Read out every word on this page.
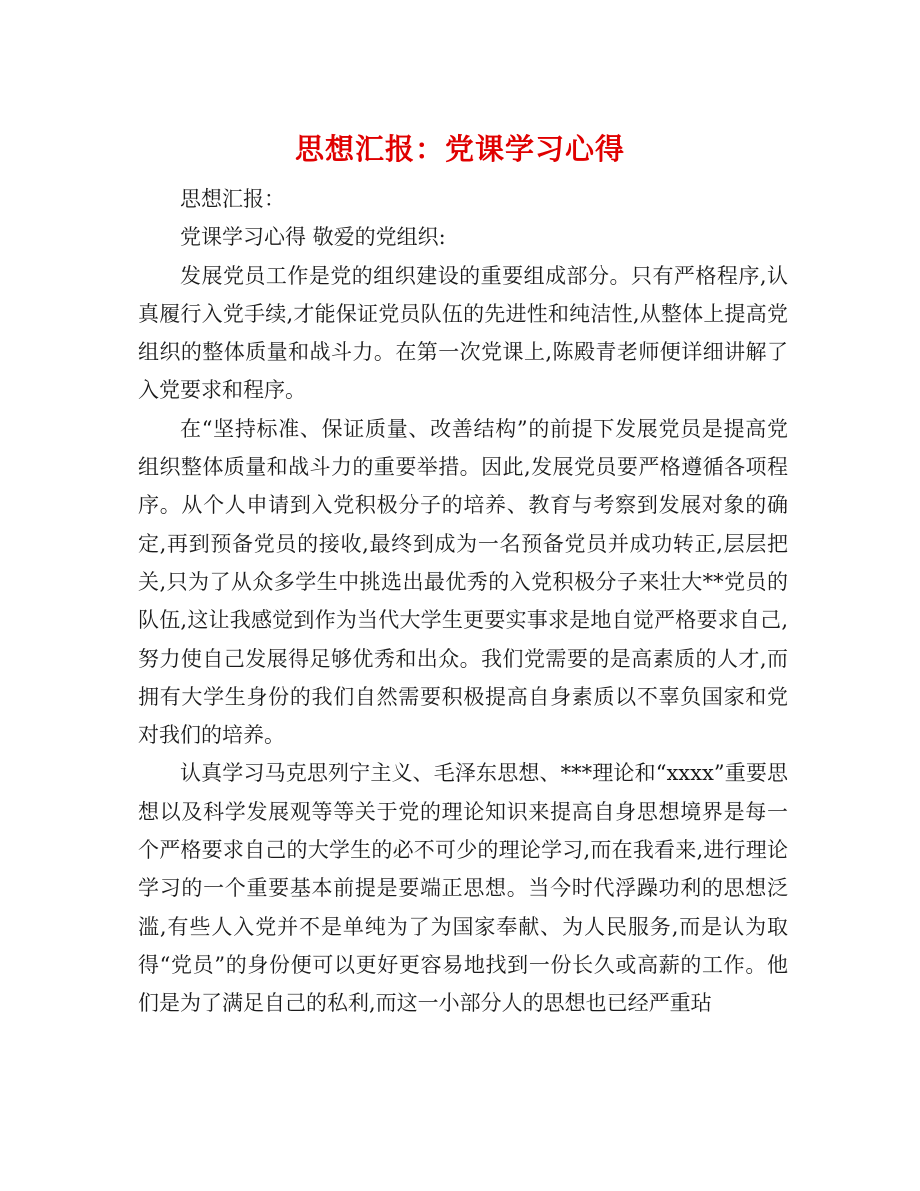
思想汇报：党课学习心得

思想汇报：

党课学习心得 敬爱的党组织:

发展党员工作是党的组织建设的重要组成部分。只有严格程序,认真履行入党手续,才能保证党员队伍的先进性和纯洁性,从整体上提高党组织的整体质量和战斗力。在第一次党课上,陈殿青老师便详细讲解了入党要求和程序。

在“坚持标准、保证质量、改善结构”的前提下发展党员是提高党组织整体质量和战斗力的重要举措。因此,发展党员要严格遵循各项程序。从个人申请到入党积极分子的培养、教育与考察到发展对象的确定,再到预备党员的接收,最终到成为一名预备党员并成功转正,层层把关,只为了从众多学生中挑选出最优秀的入党积极分子来壮大**党员的队伍,这让我感觉到作为当代大学生更要实事求是地自觉严格要求自己,努力使自己发展得足够优秀和出众。我们党需要的是高素质的人才,而拥有大学生身份的我们自然需要积极提高自身素质以不辜负国家和党对我们的培养。

认真学习马克思列宁主义、毛泽东思想、***理论和“xxxx”重要思想以及科学发展观等等关于党的理论知识来提高自身思想境界是每一个严格要求自己的大学生的必不可少的理论学习,而在我看来,进行理论学习的一个重要基本前提是要端正思想。当今时代浮躁功利的思想泛滥,有些人入党并不是单纯为了为国家奉献、为人民服务,而是认为取得“党员”的身份便可以更好更容易地找到一份长久或高薪的工作。他们是为了满足自己的私利,而这一小部分人的思想也已经严重玷
